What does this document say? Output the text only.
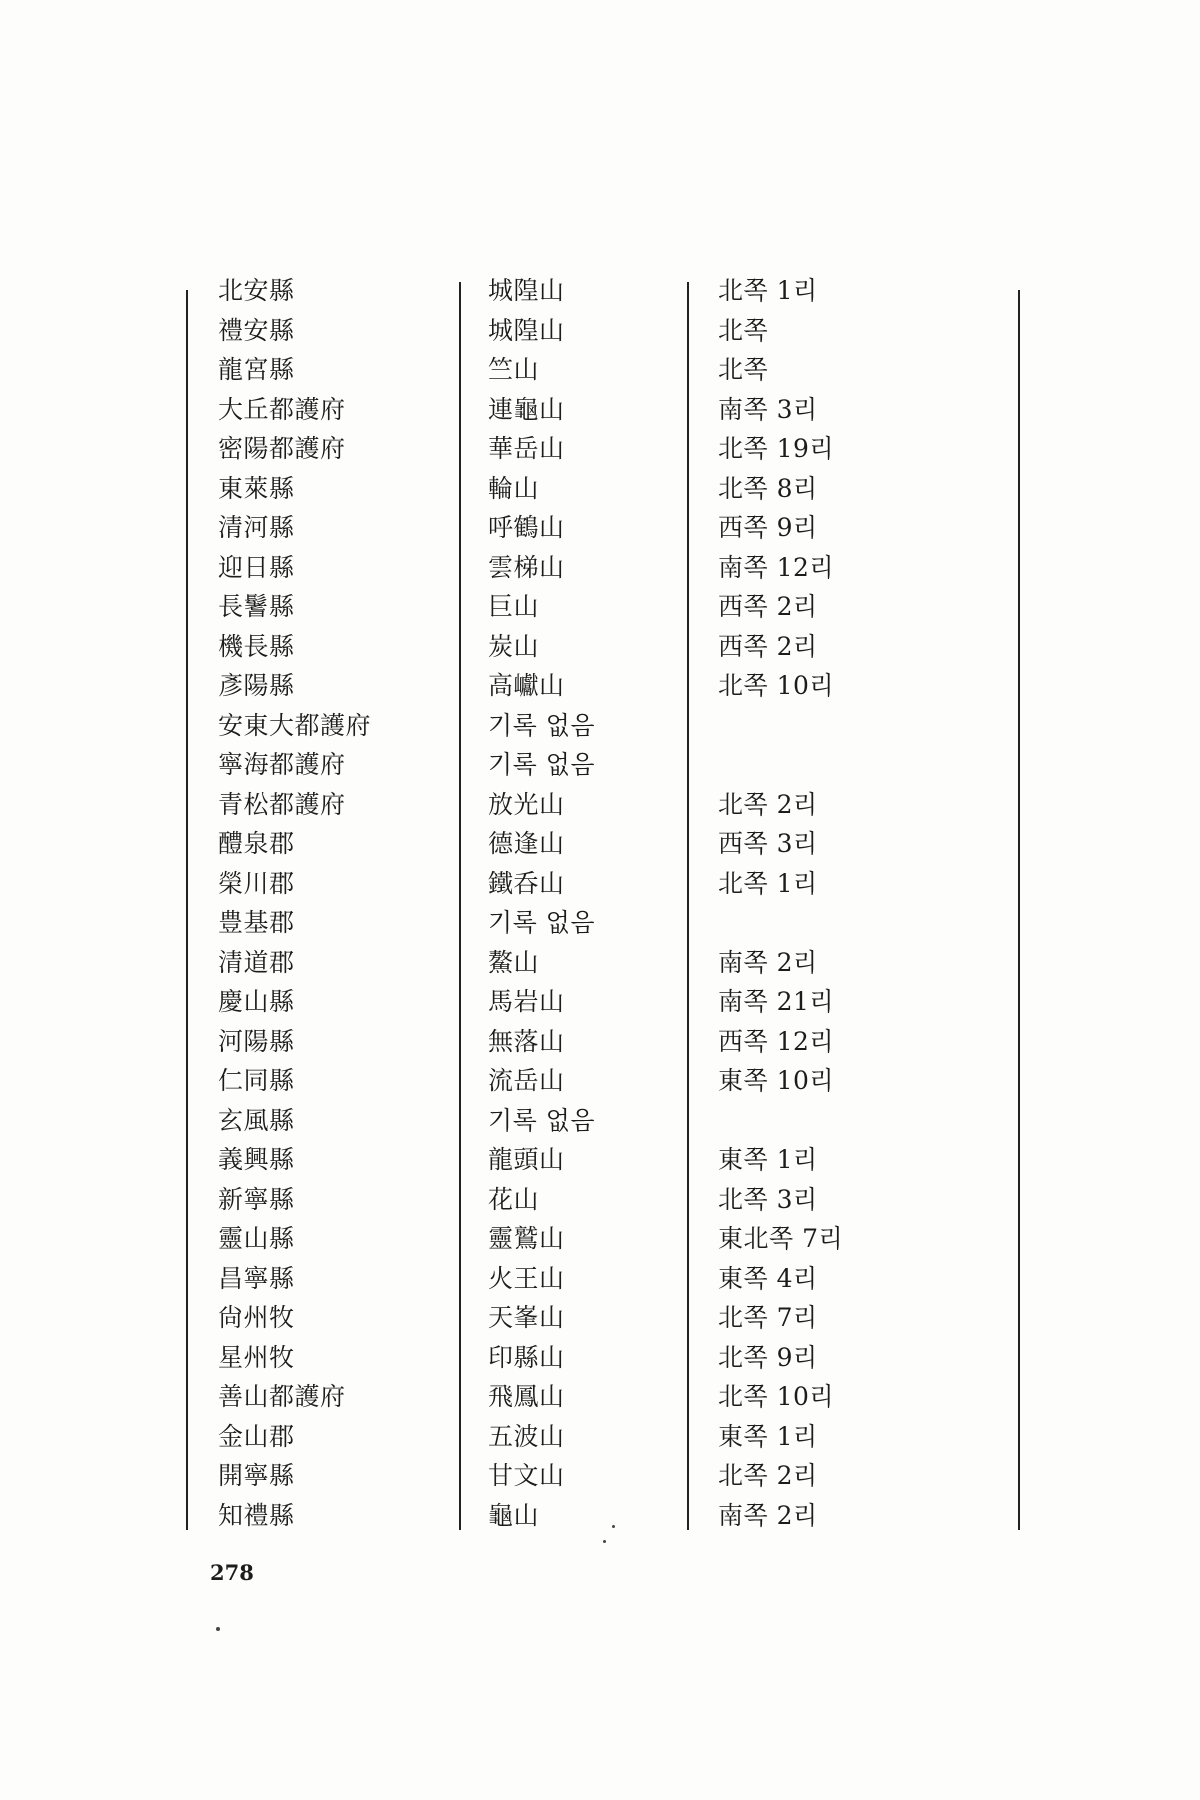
北安縣	城隍山	北쪽 1리
禮安縣	城隍山	北쪽
龍宮縣	竺山	北쪽
大丘都護府	連龜山	南쪽 3리
密陽都護府	華岳山	北쪽 19리
東萊縣	輪山	北쪽 8리
清河縣	呼鶴山	西쪽 9리
迎日縣	雲梯山	南쪽 12리
長鬐縣	巨山	西쪽 2리
機長縣	炭山	西쪽 2리
彥陽縣	高巘山	北쪽 10리
安東大都護府	기록 없음
寧海都護府	기록 없음
青松都護府	放光山	北쪽 2리
醴泉郡	德逢山	西쪽 3리
榮川郡	鐵呑山	北쪽 1리
豊基郡	기록 없음
清道郡	鰲山	南쪽 2리
慶山縣	馬岩山	南쪽 21리
河陽縣	無落山	西쪽 12리
仁同縣	流岳山	東쪽 10리
玄風縣	기록 없음
義興縣	龍頭山	東쪽 1리
新寧縣	花山	北쪽 3리
靈山縣	靈鷲山	東北쪽 7리
昌寧縣	火王山	東쪽 4리
尙州牧	天峯山	北쪽 7리
星州牧	印縣山	北쪽 9리
善山都護府	飛鳳山	北쪽 10리
金山郡	五波山	東쪽 1리
開寧縣	甘文山	北쪽 2리
知禮縣	龜山	南쪽 2리
278
